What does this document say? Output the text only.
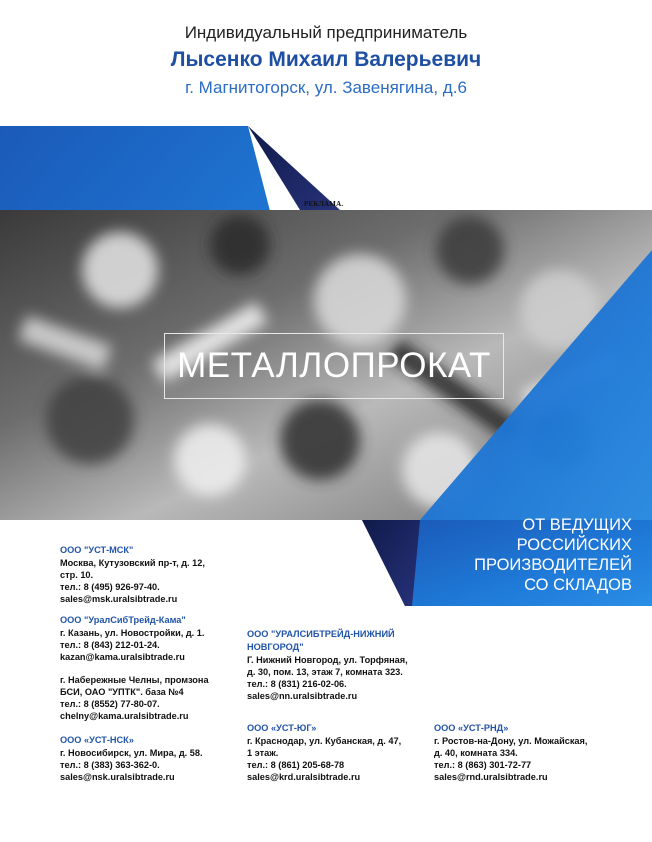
Индивидуальный предприниматель
Лысенко Михаил Валерьевич
г. Магнитогорск, ул. Завенягина, д.6
РЕКЛАМА.
МЕТАЛЛОПРОКАТ
ОТ ВЕДУЩИХ
РОССИЙСКИХ
ПРОИЗВОДИТЕЛЕЙ
СО СКЛАДОВ
ООО "УСТ-МСК"
Москва, Кутузовский пр-т, д. 12,
стр. 10.
тел.: 8 (495) 926-97-40.
sales@msk.uralsibtrade.ru
ООО "УралСибТрейд-Кама"
г. Казань, ул. Новостройки, д. 1.
тел.: 8 (843) 212-01-24.
kazan@kama.uralsibtrade.ru
г. Набережные Челны, промзона
БСИ, ОАО "УПТК". база №4
тел.: 8 (8552) 77-80-07.
chelny@kama.uralsibtrade.ru
ООО «УСТ-НСК»
г. Новосибирск, ул. Мира, д. 58.
тел.: 8 (383) 363-362-0.
sales@nsk.uralsibtrade.ru
ООО "УРАЛСИБТРЕЙД-НИЖНИЙ
НОВГОРОД"
Г. Нижний Новгород, ул. Торфяная,
д. 30, пом. 13, этаж 7, комната 323.
тел.: 8 (831) 216-02-06.
sales@nn.uralsibtrade.ru
ООО «УСТ-ЮГ»
г. Краснодар, ул. Кубанская, д. 47,
1 этаж.
тел.: 8 (861) 205-68-78
sales@krd.uralsibtrade.ru
ООО «УСТ-РНД»
г. Ростов-на-Дону, ул. Можайская,
д. 40, комната 334.
тел.: 8 (863) 301-72-77
sales@rnd.uralsibtrade.ru
